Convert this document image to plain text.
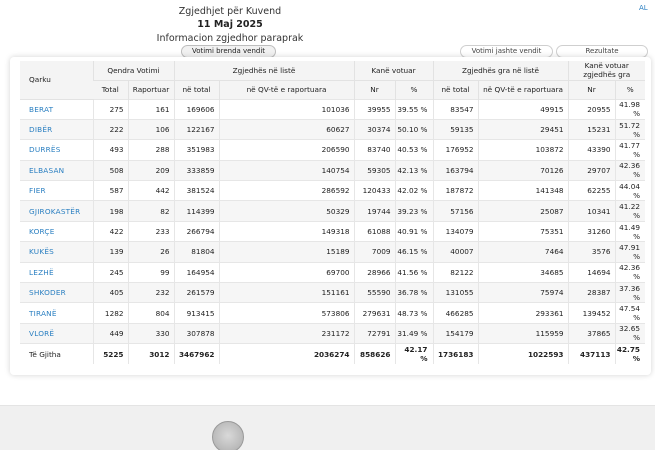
AL
Zgjedhjet për Kuvend
11 Maj 2025
Informacion zgjedhor paraprak
Votimi brenda vendit	Votimi jashte vendit	Rezultate
Qarku	Qendra Votimi		Zgjedhës në listë		Kanë votuar		Zgjedhës gra në listë		Kanë votuar zgjedhës gra	
	Total	Raportuar	në total	në QV-të e raportuara	Nr	%	në total	në QV-të e raportuara	Nr	%
BERAT	275	161	169606	101036	39955	39.55 %	83547	49915	20955	41.98 %
DIBËR	222	106	122167	60627	30374	50.10 %	59135	29451	15231	51.72 %
DURRËS	493	288	351983	206590	83740	40.53 %	176952	103872	43390	41.77 %
ELBASAN	508	209	333859	140754	59305	42.13 %	163794	70126	29707	42.36 %
FIER	587	442	381524	286592	120433	42.02 %	187872	141348	62255	44.04 %
GJIROKASTËR	198	82	114399	50329	19744	39.23 %	57156	25087	10341	41.22 %
KORÇE	422	233	266794	149318	61088	40.91 %	134079	75351	31260	41.49 %
KUKËS	139	26	81804	15189	7009	46.15 %	40007	7464	3576	47.91 %
LEZHË	245	99	164954	69700	28966	41.56 %	82122	34685	14694	42.36 %
SHKODER	405	232	261579	151161	55590	36.78 %	131055	75974	28387	37.36 %
TIRANË	1282	804	913415	573806	279631	48.73 %	466285	293361	139452	47.54 %
VLORË	449	330	307878	231172	72791	31.49 %	154179	115959	37865	32.65 %
Të Gjitha	5225	3012	3467962	2036274	858626	42.17 %	1736183	1022593	437113	42.75 %
